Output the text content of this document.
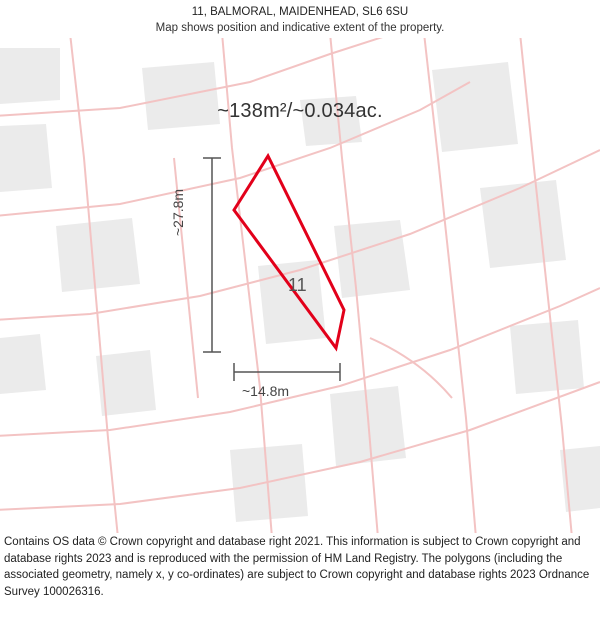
11, BALMORAL, MAIDENHEAD, SL6 6SU
Map shows position and indicative extent of the property.
~138m²/~0.034ac.
11
~27.8m
~14.8m
Contains OS data © Crown copyright and database right 2021. This information is subject to Crown copyright and database rights 2023 and is reproduced with the permission of HM Land Registry. The polygons (including the associated geometry, namely x, y co-ordinates) are subject to Crown copyright and database rights 2023 Ordnance Survey 100026316.
